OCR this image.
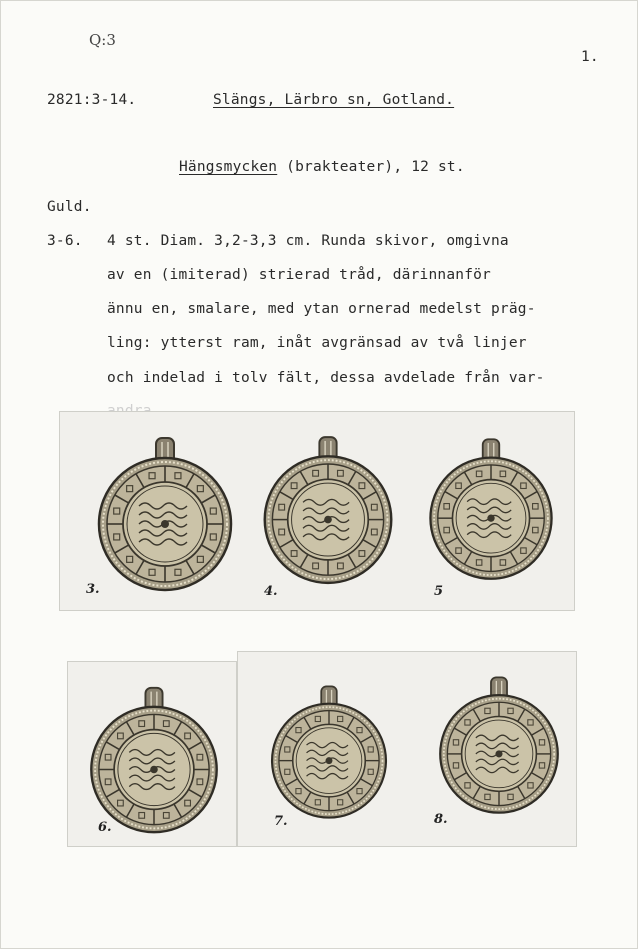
Q:3
1.
2821:3-14.	Slängs, Lärbro sn, Gotland.
Hängsmycken (brakteater), 12 st.
Guld.
3-6. 4 st. Diam. 3,2-3,3 cm. Runda skivor, omgivna
av en (imiterad) strierad tråd, därinnanför
ännu en, smalare, med ytan ornerad medelst präg-
ling: ytterst ram, inåt avgränsad av två linjer
och indelad i tolv fält, dessa avdelade från var-
3.	4.	5
6.	7.	8.
